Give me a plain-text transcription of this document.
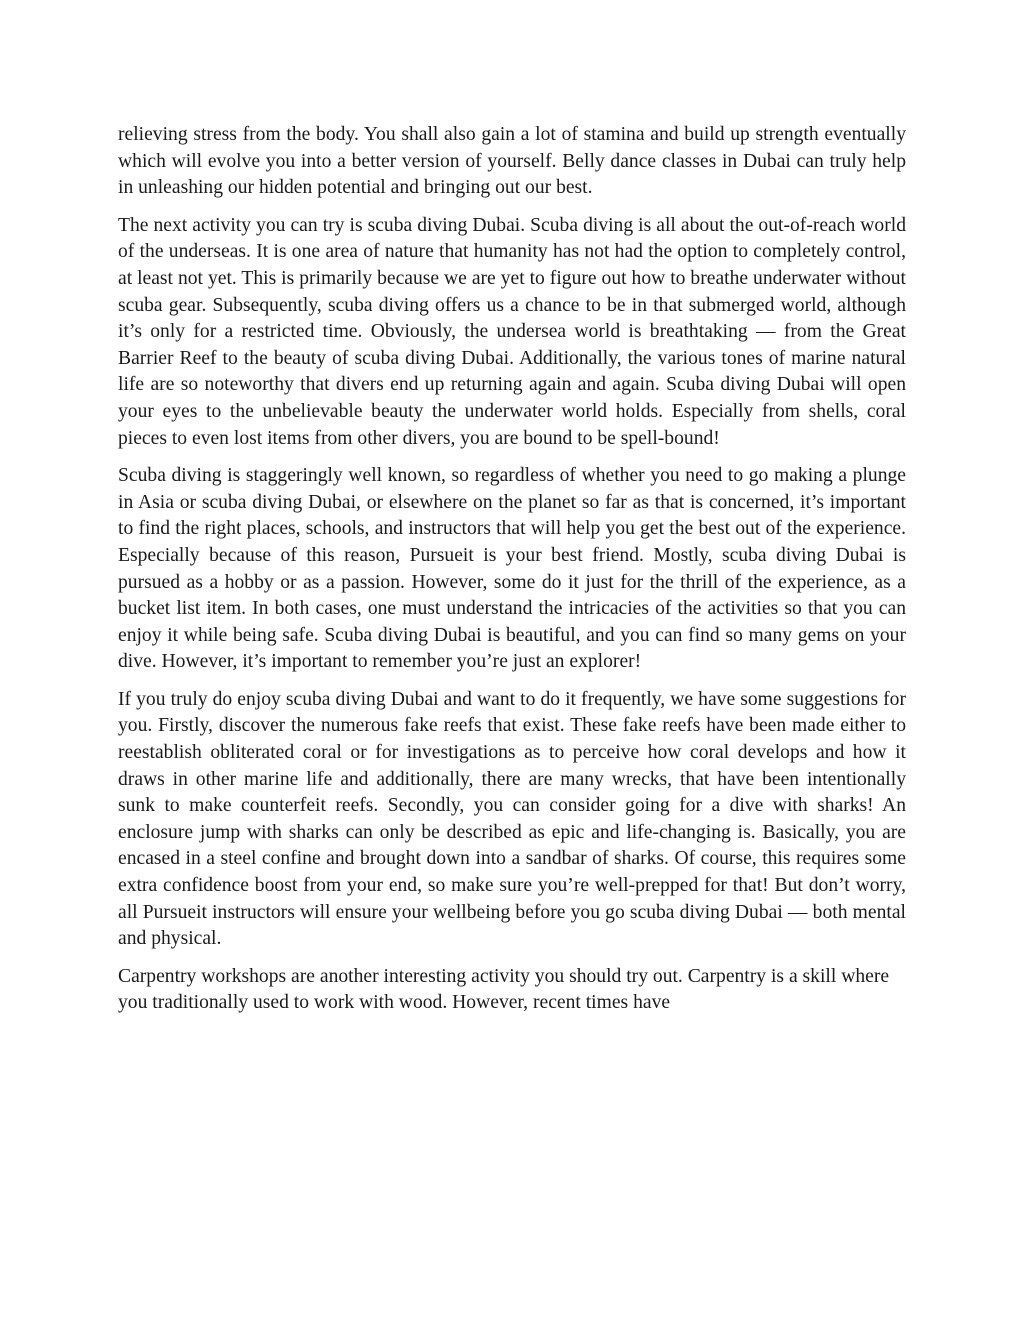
relieving stress from the body. You shall also gain a lot of stamina and build up strength eventually which will evolve you into a better version of yourself. Belly dance classes in Dubai can truly help in unleashing our hidden potential and bringing out our best.

The next activity you can try is scuba diving Dubai. Scuba diving is all about the out-of-reach world of the underseas. It is one area of nature that humanity has not had the option to completely control, at least not yet. This is primarily because we are yet to figure out how to breathe underwater without scuba gear. Subsequently, scuba diving offers us a chance to be in that submerged world, although it’s only for a restricted time. Obviously, the undersea world is breathtaking — from the Great Barrier Reef to the beauty of scuba diving Dubai. Additionally, the various tones of marine natural life are so noteworthy that divers end up returning again and again. Scuba diving Dubai will open your eyes to the unbelievable beauty the underwater world holds. Especially from shells, coral pieces to even lost items from other divers, you are bound to be spell-bound!

Scuba diving is staggeringly well known, so regardless of whether you need to go making a plunge in Asia or scuba diving Dubai, or elsewhere on the planet so far as that is concerned, it’s important to find the right places, schools, and instructors that will help you get the best out of the experience. Especially because of this reason, Pursueit is your best friend. Mostly, scuba diving Dubai is pursued as a hobby or as a passion. However, some do it just for the thrill of the experience, as a bucket list item. In both cases, one must understand the intricacies of the activities so that you can enjoy it while being safe. Scuba diving Dubai is beautiful, and you can find so many gems on your dive. However, it’s important to remember you’re just an explorer!

If you truly do enjoy scuba diving Dubai and want to do it frequently, we have some suggestions for you. Firstly, discover the numerous fake reefs that exist. These fake reefs have been made either to reestablish obliterated coral or for investigations as to perceive how coral develops and how it draws in other marine life and additionally, there are many wrecks, that have been intentionally sunk to make counterfeit reefs. Secondly, you can consider going for a dive with sharks! An enclosure jump with sharks can only be described as epic and life-changing is. Basically, you are encased in a steel confine and brought down into a sandbar of sharks. Of course, this requires some extra confidence boost from your end, so make sure you’re well-prepped for that! But don’t worry, all Pursueit instructors will ensure your wellbeing before you go scuba diving Dubai — both mental and physical.

Carpentry workshops are another interesting activity you should try out. Carpentry is a skill where you traditionally used to work with wood. However, recent times have
